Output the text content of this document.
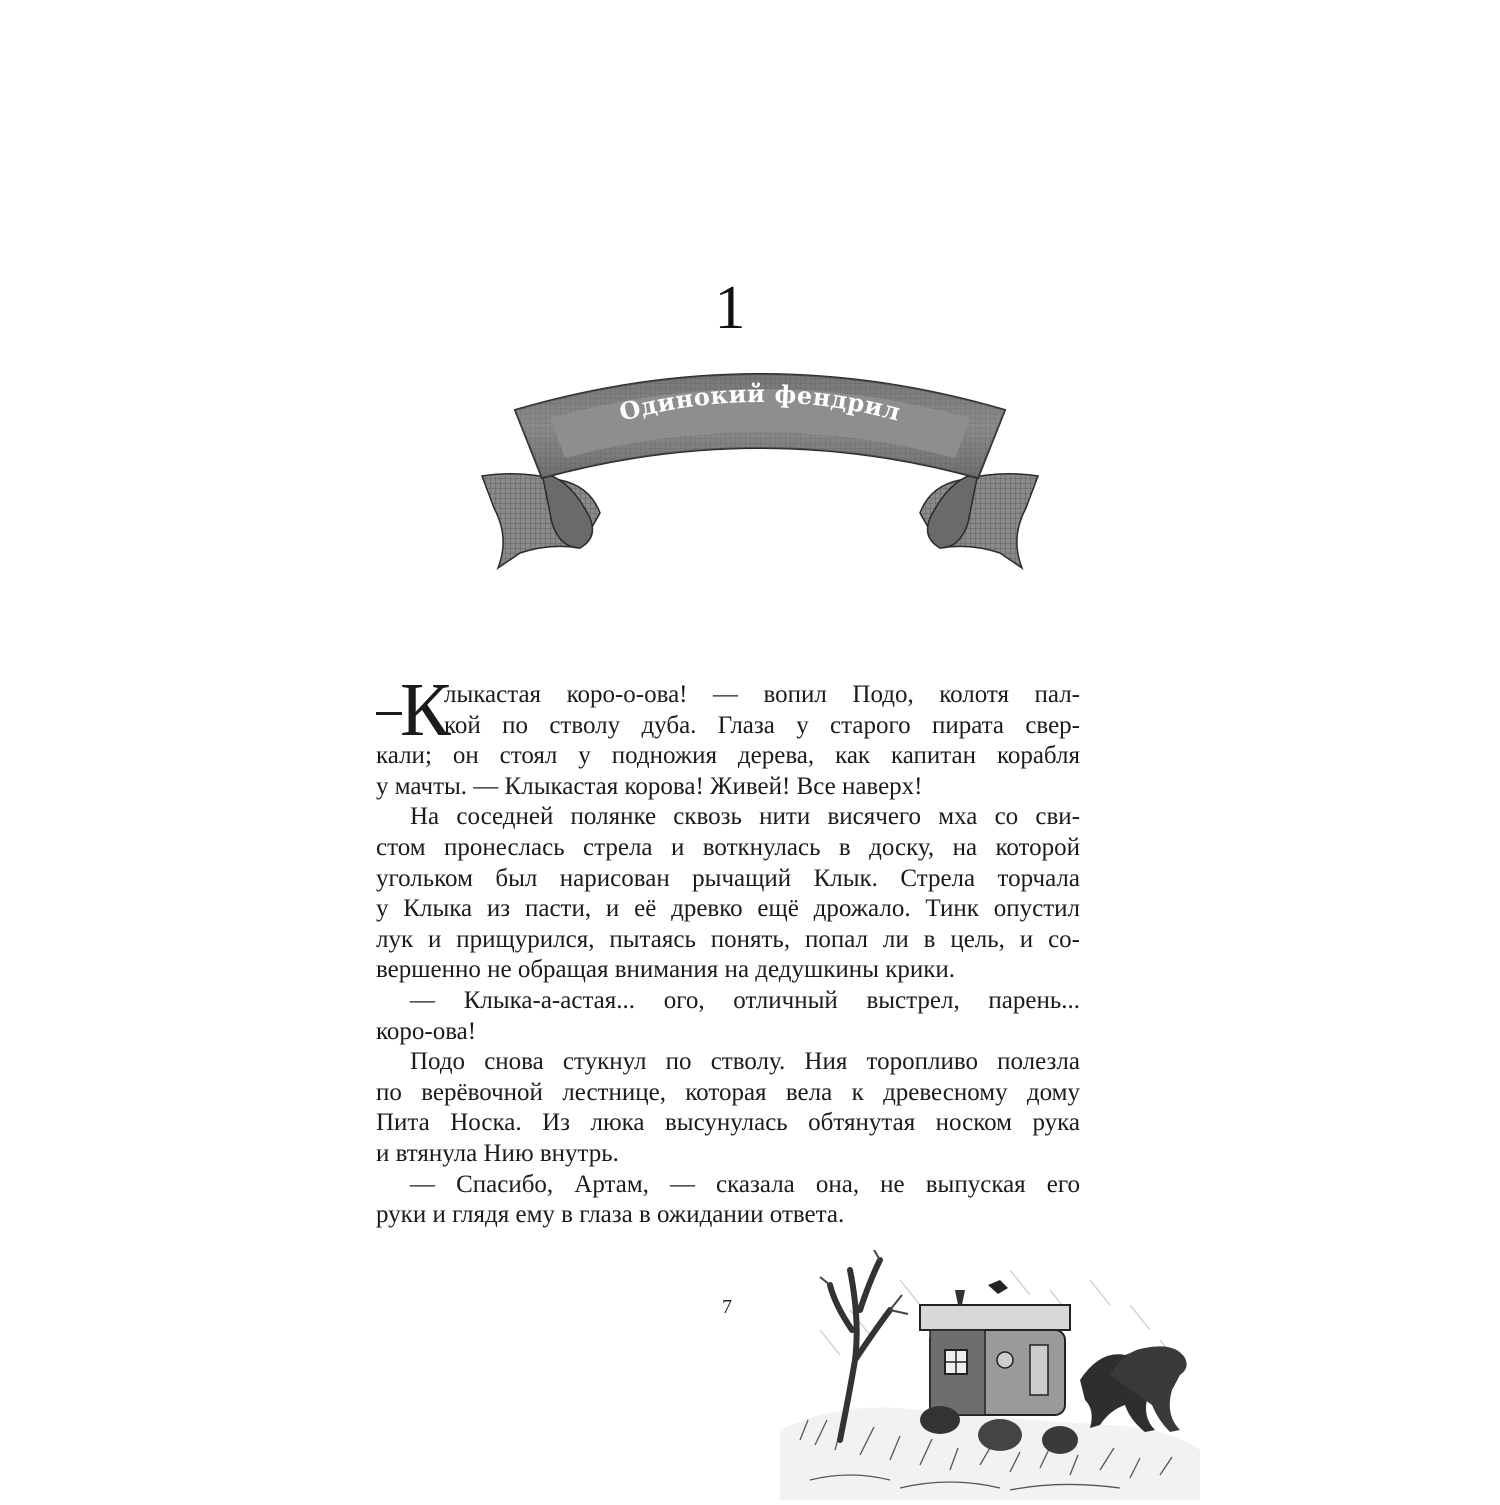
1
Одинокий фендрил
К
лыкастая коро-о-ова! — вопил Подо, колотя пал-
кой по стволу дуба. Глаза у старого пирата свер-
кали; он стоял у подножия дерева, как капитан корабля
у мачты. — Клыкастая корова! Живей! Все наверх!
На соседней полянке сквозь нити висячего мха со сви-
стом пронеслась стрела и воткнулась в доску, на которой
угольком был нарисован рычащий Клык. Стрела торчала
у Клыка из пасти, и её древко ещё дрожало. Тинк опустил
лук и прищурился, пытаясь понять, попал ли в цель, и со-
вершенно не обращая внимания на дедушкины крики.
— Клыка-а-астая... ого, отличный выстрел, парень...
коро-ова!
Подо снова стукнул по стволу. Ния торопливо полезла
по верёвочной лестнице, которая вела к древесному дому
Пита Носка. Из люка высунулась обтянутая носком рука
и втянула Нию внутрь.
— Спасибо, Артам, — сказала она, не выпуская его
руки и глядя ему в глаза в ожидании ответа.
7
